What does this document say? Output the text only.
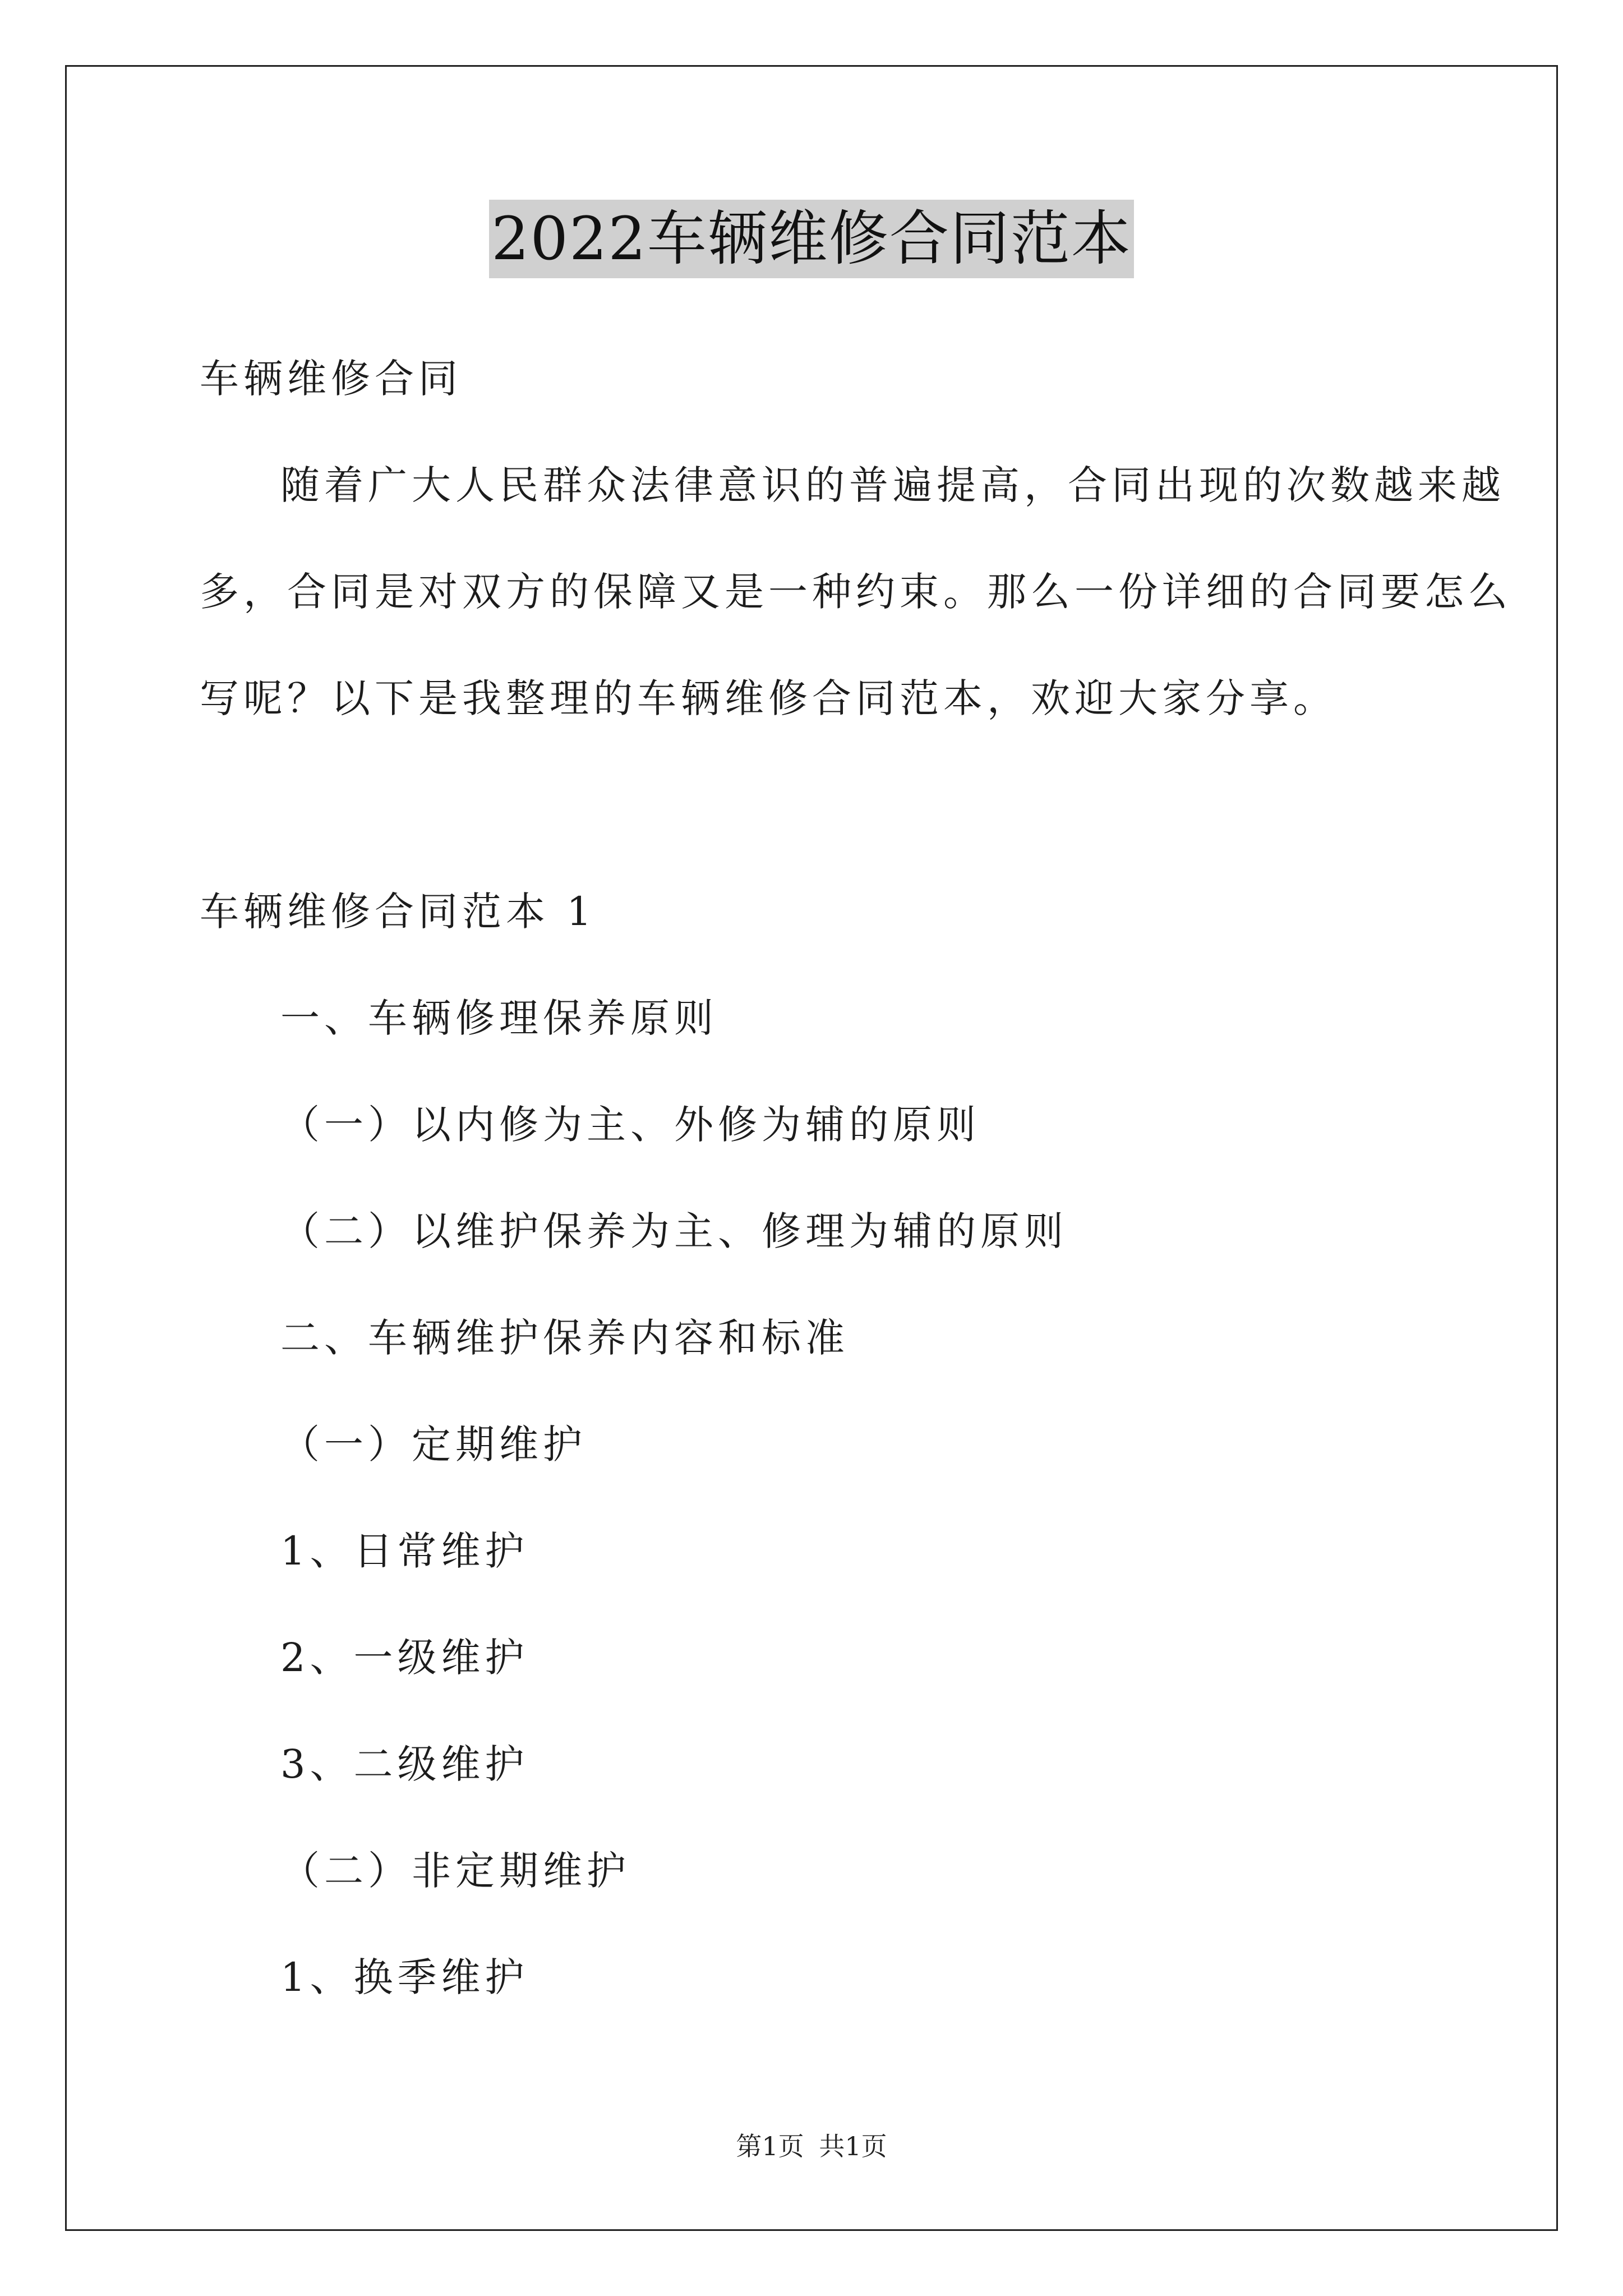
2022车辆维修合同范本
车辆维修合同
随着广大人民群众法律意识的普遍提高，合同出现的次数越来越
多，合同是对双方的保障又是一种约束。那么一份详细的合同要怎么
写呢？以下是我整理的车辆维修合同范本，欢迎大家分享。
车辆维修合同范本 1
一、车辆修理保养原则
（一）以内修为主、外修为辅的原则
（二）以维护保养为主、修理为辅的原则
二、车辆维护保养内容和标准
（一）定期维护
1、日常维护
2、一级维护
3、二级维护
（二）非定期维护
1、换季维护
第1页 共1页
